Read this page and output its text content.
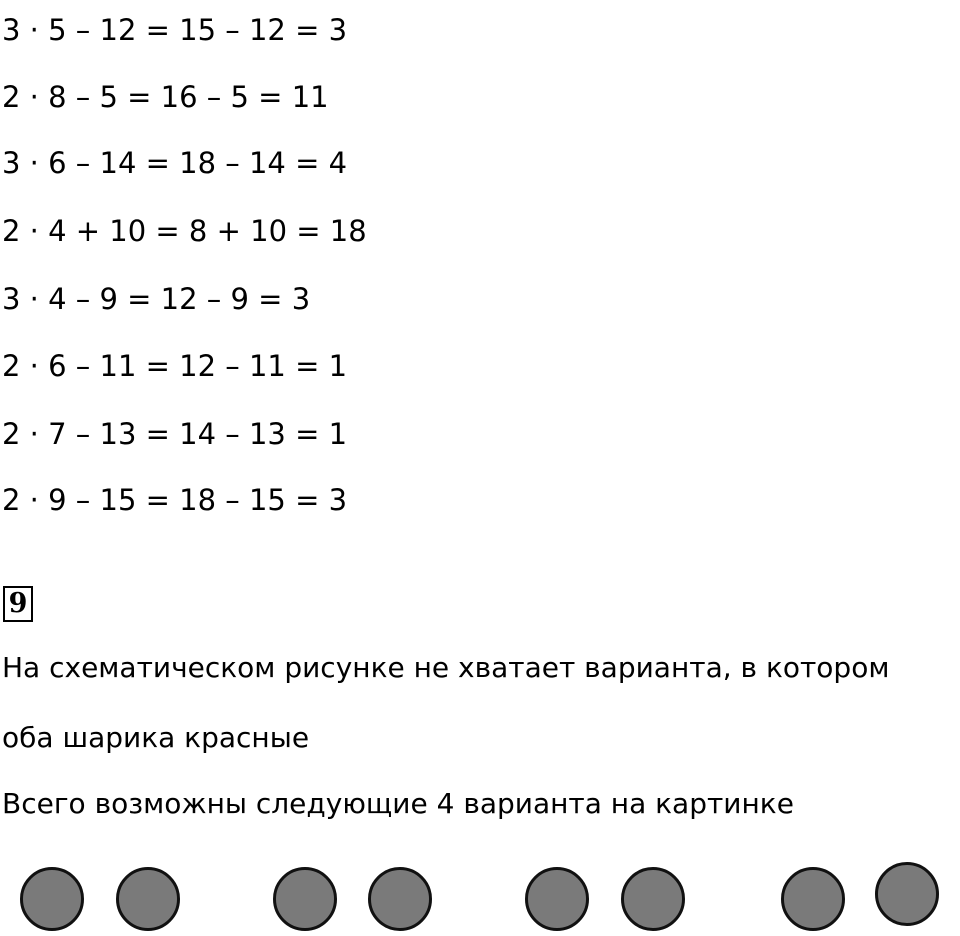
3 · 5 – 12 = 15 – 12 = 3
2 · 8 – 5 = 16 – 5 = 11
3 · 6 – 14 = 18 – 14 = 4
2 · 4 + 10 = 8 + 10 = 18
3 · 4 – 9 = 12 – 9 = 3
2 · 6 – 11 = 12 – 11 = 1
2 · 7 – 13 = 14 – 13 = 1
2 · 9 – 15 = 18 – 15 = 3
9
На схематическом рисунке не хватает варианта, в котором
оба шарика красные
Всего возможны следующие 4 варианта на картинке
